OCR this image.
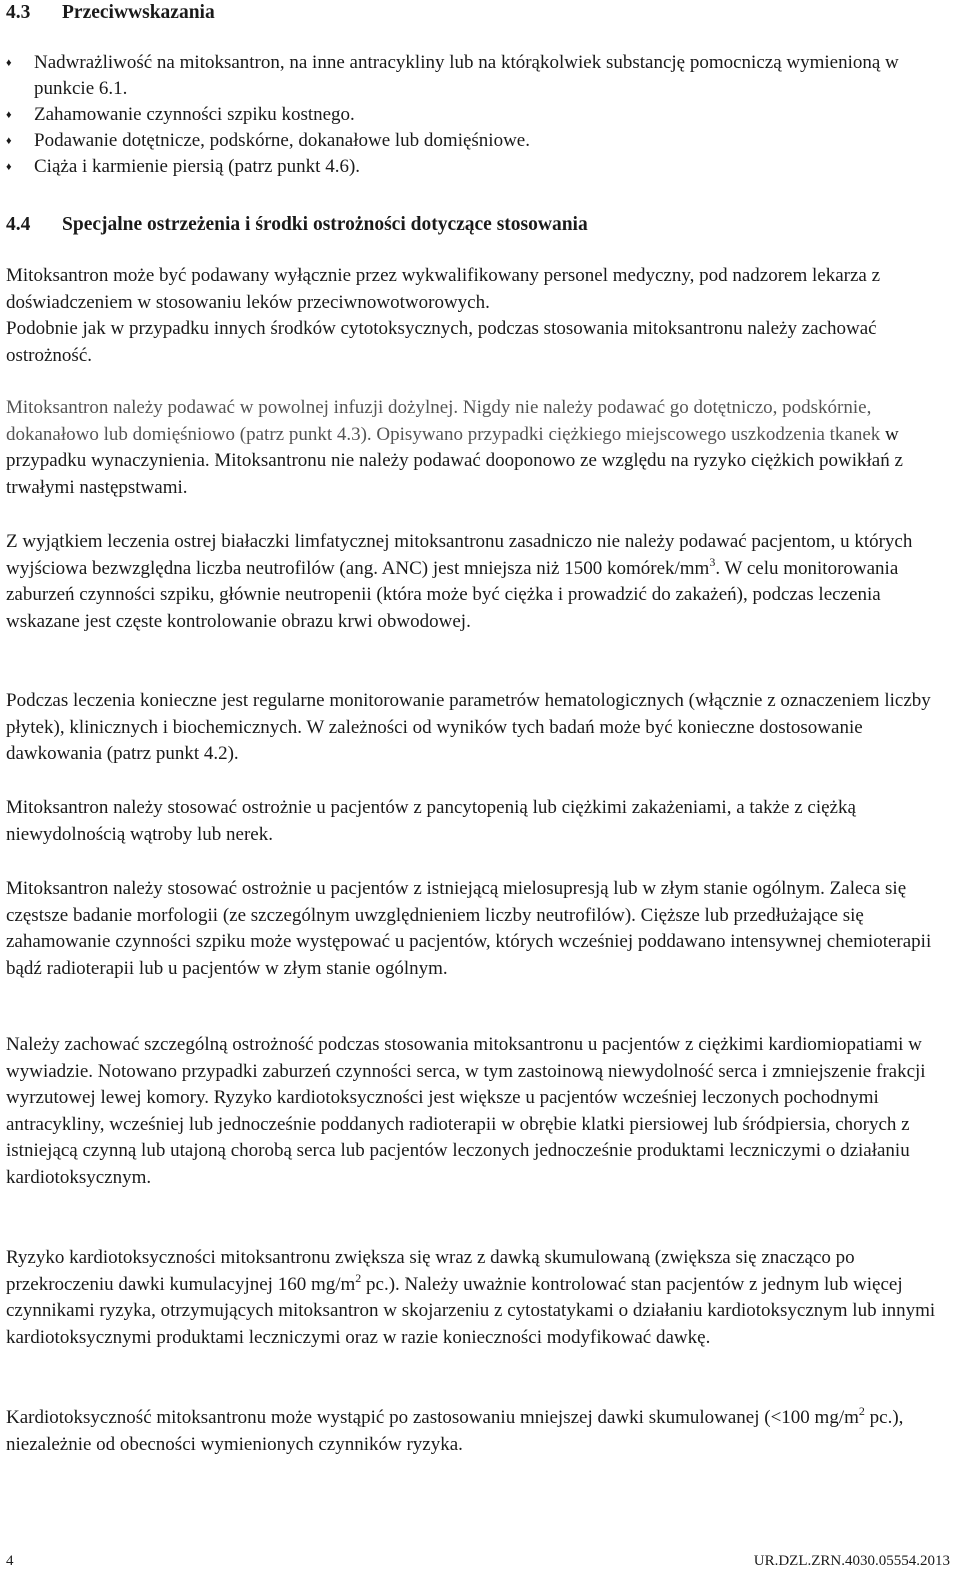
4.3 Przeciwwskazania
♦ Nadwrażliwość na mitoksantron, na inne antracykliny lub na którąkolwiek substancję pomocniczą wymienioną w punkcie 6.1.
♦ Zahamowanie czynności szpiku kostnego.
♦ Podawanie dotętnicze, podskórne, dokanałowe lub domięśniowe.
♦ Ciąża i karmienie piersią (patrz punkt 4.6).
4.4 Specjalne ostrzeżenia i środki ostrożności dotyczące stosowania
Mitoksantron może być podawany wyłącznie przez wykwalifikowany personel medyczny, pod nadzorem lekarza z doświadczeniem w stosowaniu leków przeciwnowotworowych.
Podobnie jak w przypadku innych środków cytotoksycznych, podczas stosowania mitoksantronu należy zachować ostrożność.
Mitoksantron należy podawać w powolnej infuzji dożylnej. Nigdy nie należy podawać go dotętniczo, podskórnie, dokanałowo lub domięśniowo (patrz punkt 4.3). Opisywano przypadki ciężkiego miejscowego uszkodzenia tkanek w przypadku wynaczynienia. Mitoksantronu nie należy podawać dooponowo ze względu na ryzyko ciężkich powikłań z trwałymi następstwami.
Z wyjątkiem leczenia ostrej białaczki limfatycznej mitoksantronu zasadniczo nie należy podawać pacjentom, u których wyjściowa bezwzględna liczba neutrofilów (ang. ANC) jest mniejsza niż 1500 komórek/$mm^3$. W celu monitorowania zaburzeń czynności szpiku, głównie neutropenii (która może być ciężka i prowadzić do zakażeń), podczas leczenia wskazane jest częste kontrolowanie obrazu krwi obwodowej.
Podczas leczenia konieczne jest regularne monitorowanie parametrów hematologicznych (włącznie z oznaczeniem liczby płytek), klinicznych i biochemicznych. W zależności od wyników tych badań może być konieczne dostosowanie dawkowania (patrz punkt 4.2).
Mitoksantron należy stosować ostrożnie u pacjentów z pancytopenią lub ciężkimi zakażeniami, a także z ciężką niewydolnością wątroby lub nerek.
Mitoksantron należy stosować ostrożnie u pacjentów z istniejącą mielosupresją lub w złym stanie ogólnym. Zaleca się częstsze badanie morfologii (ze szczególnym uwzględnieniem liczby neutrofilów). Cięższe lub przedłużające się zahamowanie czynności szpiku może występować u pacjentów, których wcześniej poddawano intensywnej chemioterapii bądź radioterapii lub u pacjentów w złym stanie ogólnym.
Należy zachować szczególną ostrożność podczas stosowania mitoksantronu u pacjentów z ciężkimi kardiomiopatiami w wywiadzie. Notowano przypadki zaburzeń czynności serca, w tym zastoinową niewydolność serca i zmniejszenie frakcji wyrzutowej lewej komory. Ryzyko kardiotoksyczności jest większe u pacjentów wcześniej leczonych pochodnymi antracykliny, wcześniej lub jednocześnie poddanych radioterapii w obrębie klatki piersiowej lub śródpiersia, chorych z istniejącą czynną lub utajoną chorobą serca lub pacjentów leczonych jednocześnie produktami leczniczymi o działaniu kardiotoksycznym.
Ryzyko kardiotoksyczności mitoksantronu zwiększa się wraz z dawką skumulowaną (zwiększa się znacząco po przekroczeniu dawki kumulacyjnej 160 $mg/m^2$ pc.). Należy uważnie kontrolować stan pacjentów z jednym lub więcej czynnikami ryzyka, otrzymujących mitoksantron w skojarzeniu z cytostatykami o działaniu kardiotoksycznym lub innymi kardiotoksycznymi produktami leczniczymi oraz w razie konieczności modyfikować dawkę.
Kardiotoksyczność mitoksantronu może wystąpić po zastosowaniu mniejszej dawki skumulowanej (<100 $mg/m^2$ pc.), niezależnie od obecności wymienionych czynników ryzyka.
4	UR.DZL.ZRN.4030.05554.2013
